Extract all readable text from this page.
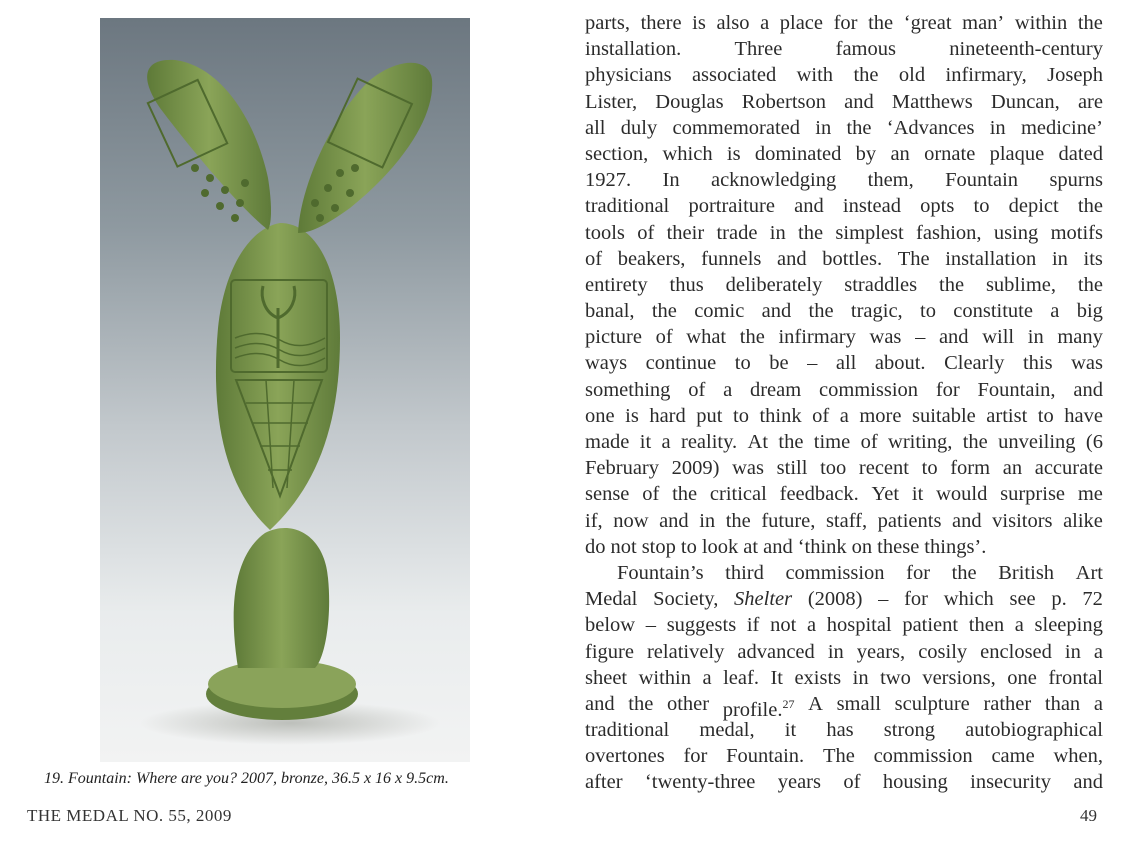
19. Fountain: Where are you? 2007, bronze, 36.5 x 16 x 9.5cm.
parts, there is also a place for the ‘great man’ within the
installation.	Three	famous	nineteenth-century
physicians associated with the old infirmary, Joseph
Lister, Douglas Robertson and Matthews Duncan, are
all duly commemorated in the ‘Advances in medicine’
section, which is dominated by an ornate plaque dated
1927. In acknowledging them, Fountain spurns
traditional portraiture and instead opts to depict the
tools of their trade in the simplest fashion, using motifs
of beakers, funnels and bottles. The installation in its
entirety thus deliberately straddles the sublime, the
banal, the comic and the tragic, to constitute a big
picture of what the infirmary was – and will in many
ways continue to be – all about. Clearly this was
something of a dream commission for Fountain, and
one is hard put to think of a more suitable artist to have
made it a reality. At the time of writing, the unveiling (6
February 2009) was still too recent to form an accurate
sense of the critical feedback. Yet it would surprise me
if, now and in the future, staff, patients and visitors alike
do not stop to look at and ‘think on these things’.
Fountain’s third commission for the British Art
Medal Society, Shelter (2008) – for which see p. 72
below – suggests if not a hospital patient then a sleeping
figure relatively advanced in years, cosily enclosed in a
sheet within a leaf. It exists in two versions, one frontal
and the other profile.$^{27}$ A small sculpture rather than a
traditional medal, it has strong autobiographical
overtones for Fountain. The commission came when,
after ‘twenty-three years of housing insecurity and
THE MEDAL NO. 55, 2009	49
